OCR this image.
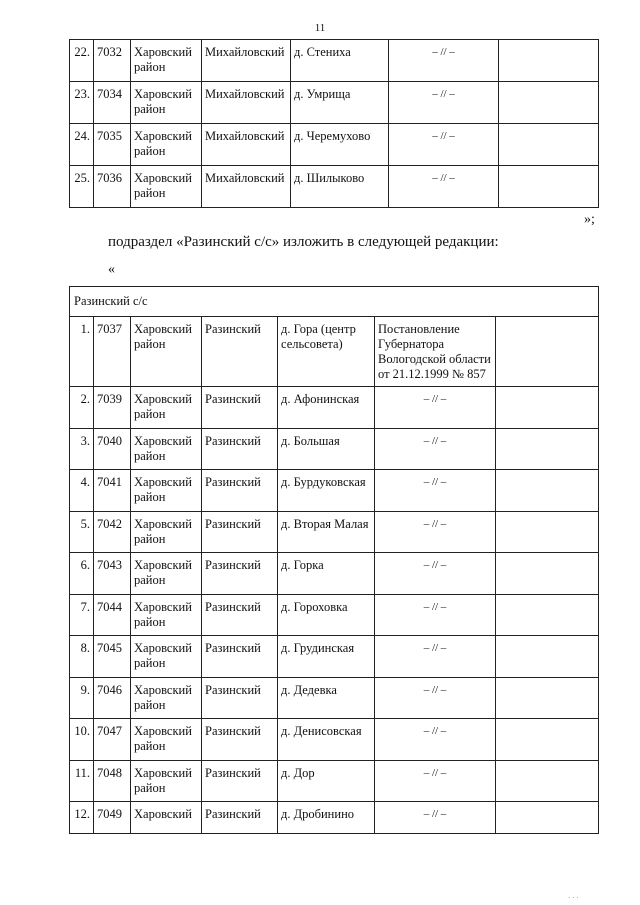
11
22.	7032	Харовский район	Михайловский	д. Стениха	– // –	
23.	7034	Харовский район	Михайловский	д. Умрища	– // –	
24.	7035	Харовский район	Михайловский	д. Черемухово	– // –	
25.	7036	Харовский район	Михайловский	д. Шилыково	– // –	
»;
подраздел «Разинский с/с» изложить в следующей редакции:
«
Разинский с/с						
1.	7037	Харовский район	Разинский	д. Гора (центр сельсовета)	Постановление Губернатора Вологодской области от 21.12.1999 № 857	
2.	7039	Харовский район	Разинский	д. Афонинская	– // –	
3.	7040	Харовский район	Разинский	д. Большая	– // –	
4.	7041	Харовский район	Разинский	д. Бурдуковская	– // –	
5.	7042	Харовский район	Разинский	д. Вторая Малая	– // –	
6.	7043	Харовский район	Разинский	д. Горка	– // –	
7.	7044	Харовский район	Разинский	д. Гороховка	– // –	
8.	7045	Харовский район	Разинский	д. Грудинская	– // –	
9.	7046	Харовский район	Разинский	д. Дедевка	– // –	
10.	7047	Харовский район	Разинский	д. Денисовская	– // –	
11.	7048	Харовский район	Разинский	д. Дор	– // –	
12.	7049	Харовский	Разинский	д. Дробинино	– // –	
· · ·
